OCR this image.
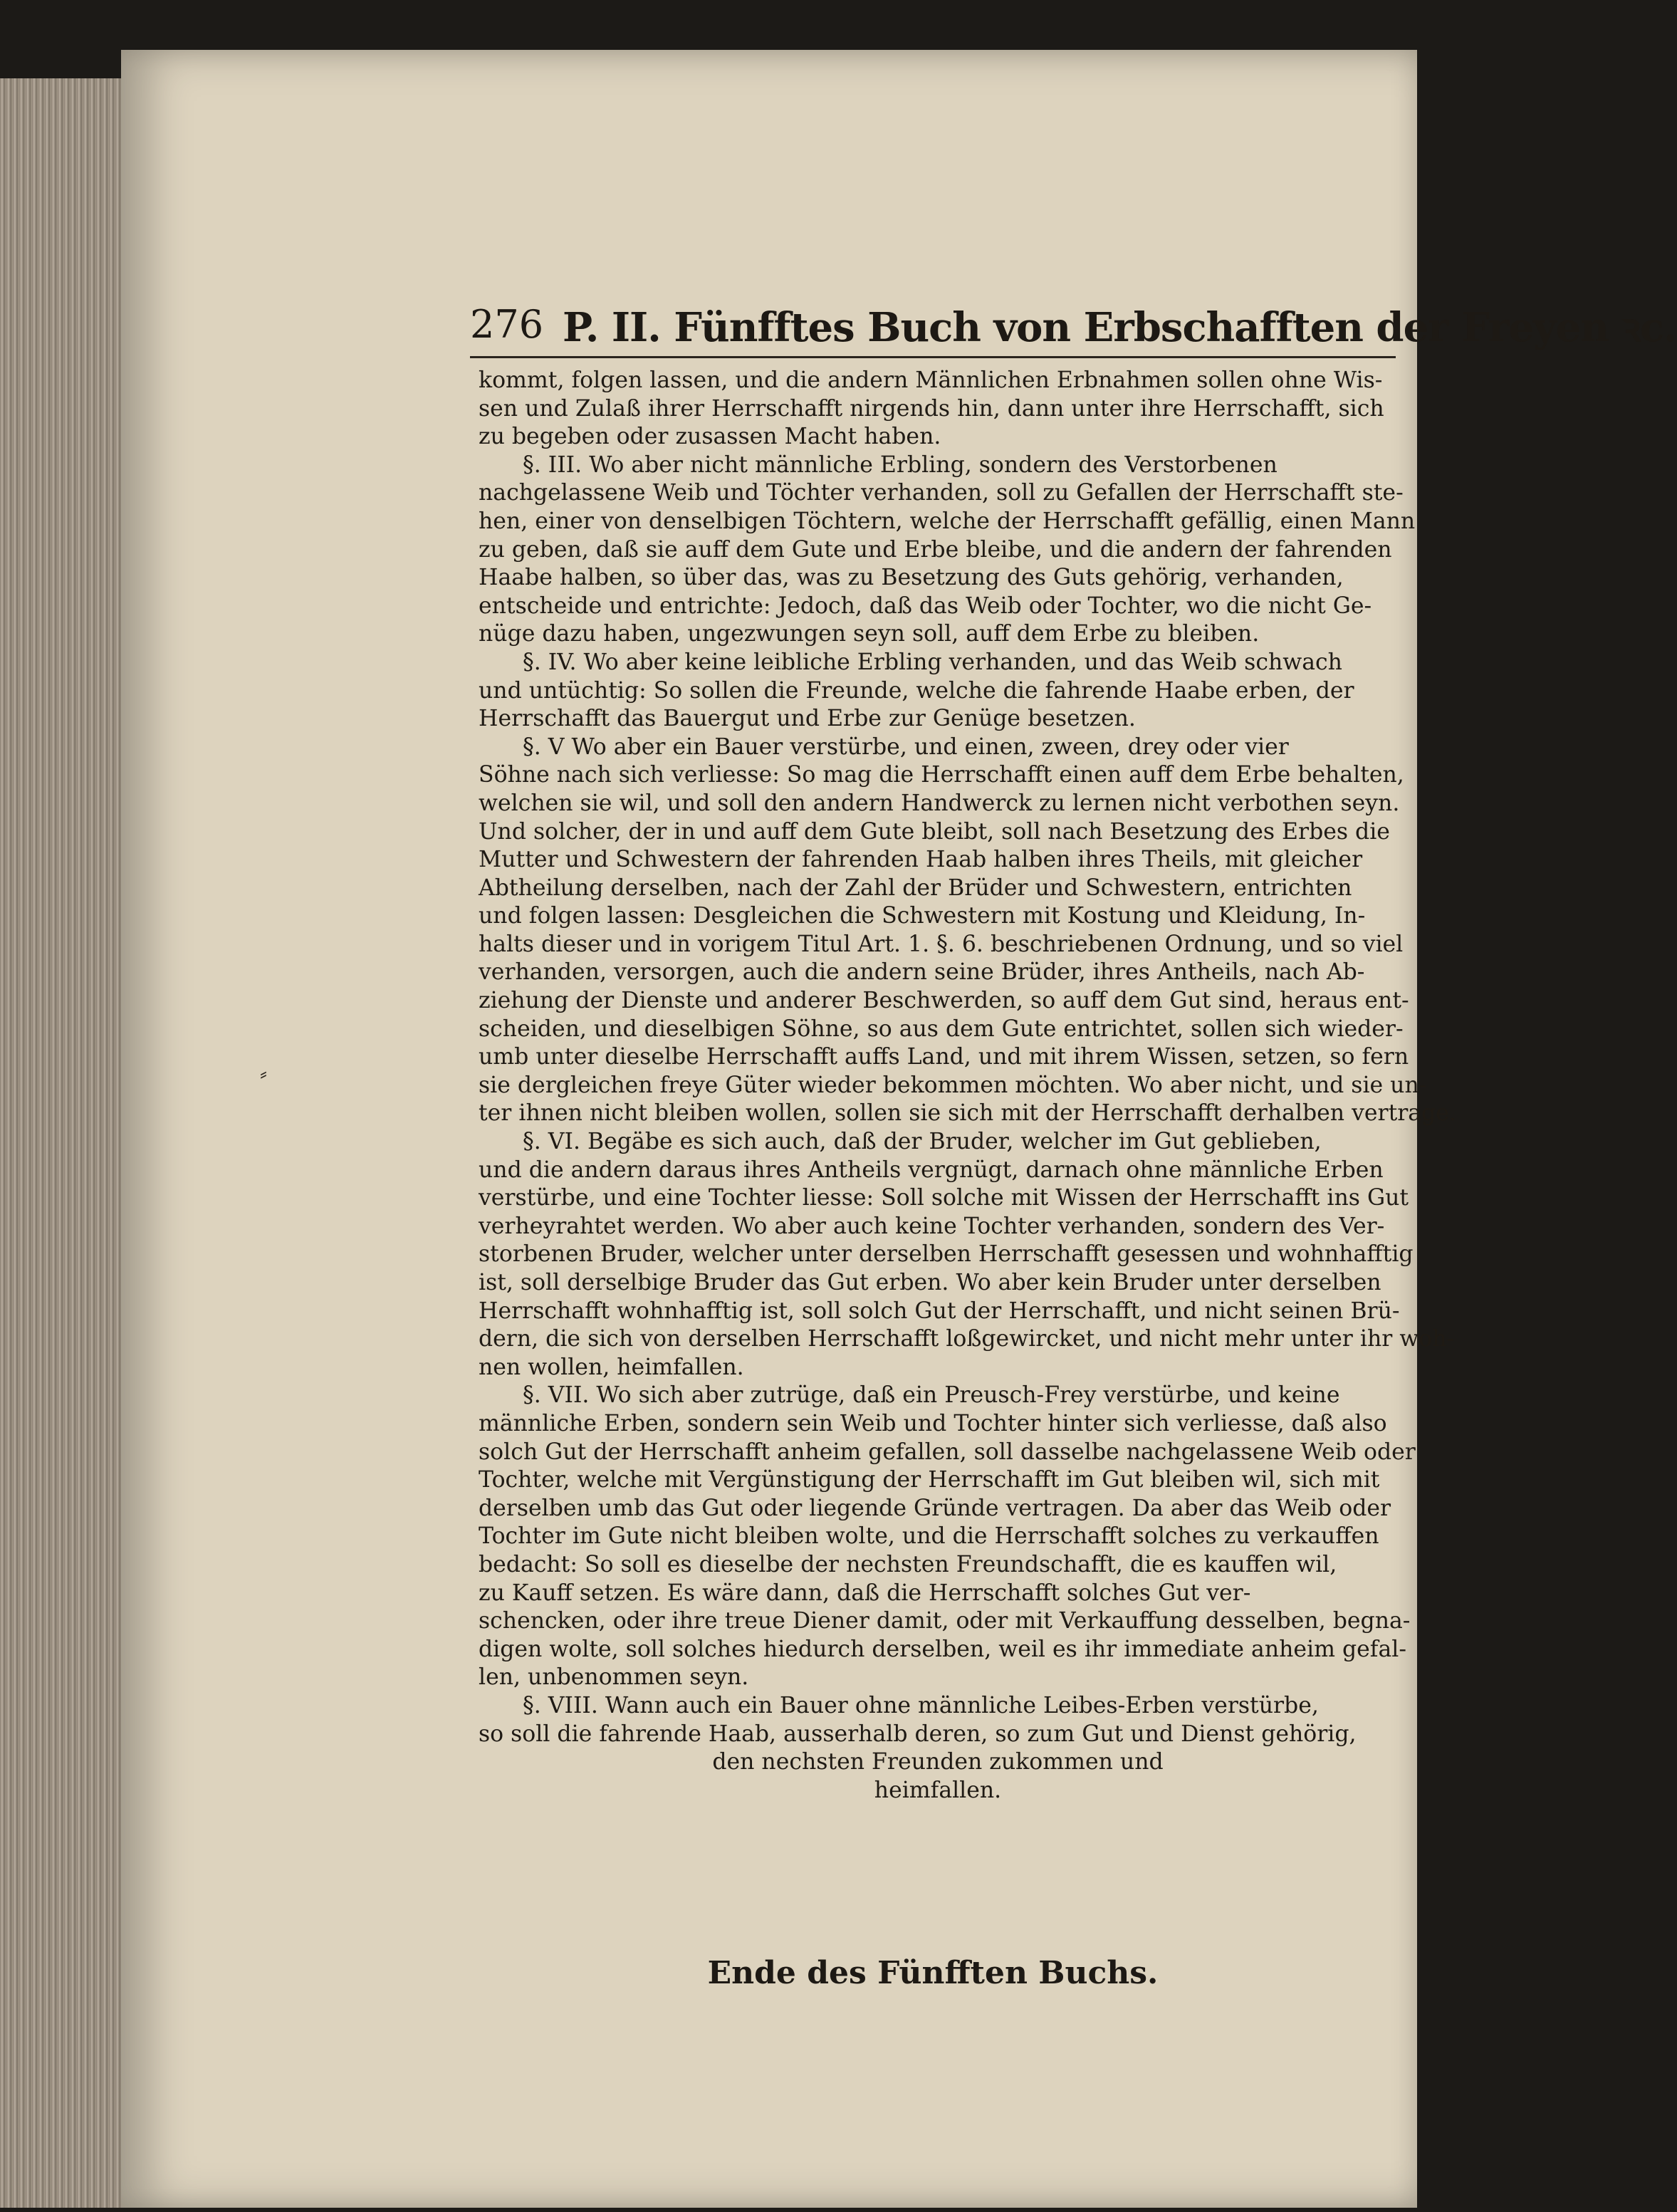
276 P. II. Fünfftes Buch von Erbschafften der Freyen ꝛc.
⸗
kommt, folgen lassen, und die andern Männlichen Erbnahmen sollen ohne Wis-
sen und Zulaß ihrer Herrschafft nirgends hin, dann unter ihre Herrschafft, sich
zu begeben oder zusassen Macht haben.
§. III. Wo aber nicht männliche Erbling, sondern des Verstorbenen
nachgelassene Weib und Töchter verhanden, soll zu Gefallen der Herrschafft ste-
hen, einer von denselbigen Töchtern, welche der Herrschafft gefällig, einen Mann
zu geben, daß sie auff dem Gute und Erbe bleibe, und die andern der fahrenden
Haabe halben, so über das, was zu Besetzung des Guts gehörig, verhanden,
entscheide und entrichte: Jedoch, daß das Weib oder Tochter, wo die nicht Ge-
nüge dazu haben, ungezwungen seyn soll, auff dem Erbe zu bleiben.
§. IV. Wo aber keine leibliche Erbling verhanden, und das Weib schwach
und untüchtig: So sollen die Freunde, welche die fahrende Haabe erben, der
Herrschafft das Bauergut und Erbe zur Genüge besetzen.
§. V Wo aber ein Bauer verstürbe, und einen, zween, drey oder vier
Söhne nach sich verliesse: So mag die Herrschafft einen auff dem Erbe behalten,
welchen sie wil, und soll den andern Handwerck zu lernen nicht verbothen seyn.
Und solcher, der in und auff dem Gute bleibt, soll nach Besetzung des Erbes die
Mutter und Schwestern der fahrenden Haab halben ihres Theils, mit gleicher
Abtheilung derselben, nach der Zahl der Brüder und Schwestern, entrichten
und folgen lassen: Desgleichen die Schwestern mit Kostung und Kleidung, In-
halts dieser und in vorigem Titul Art. 1. §. 6. beschriebenen Ordnung, und so viel
verhanden, versorgen, auch die andern seine Brüder, ihres Antheils, nach Ab-
ziehung der Dienste und anderer Beschwerden, so auff dem Gut sind, heraus ent-
scheiden, und dieselbigen Söhne, so aus dem Gute entrichtet, sollen sich wieder-
umb unter dieselbe Herrschafft auffs Land, und mit ihrem Wissen, setzen, so fern
sie dergleichen freye Güter wieder bekommen möchten. Wo aber nicht, und sie un-
ter ihnen nicht bleiben wollen, sollen sie sich mit der Herrschafft derhalben vertrage.
§. VI. Begäbe es sich auch, daß der Bruder, welcher im Gut geblieben,
und die andern daraus ihres Antheils vergnügt, darnach ohne männliche Erben
verstürbe, und eine Tochter liesse: Soll solche mit Wissen der Herrschafft ins Gut
verheyrahtet werden. Wo aber auch keine Tochter verhanden, sondern des Ver-
storbenen Bruder, welcher unter derselben Herrschafft gesessen und wohnhafftig
ist, soll derselbige Bruder das Gut erben. Wo aber kein Bruder unter derselben
Herrschafft wohnhafftig ist, soll solch Gut der Herrschafft, und nicht seinen Brü-
dern, die sich von derselben Herrschafft loßgewircket, und nicht mehr unter ihr woh-
nen wollen, heimfallen.
§. VII. Wo sich aber zutrüge, daß ein Preusch-Frey verstürbe, und keine
männliche Erben, sondern sein Weib und Tochter hinter sich verliesse, daß also
solch Gut der Herrschafft anheim gefallen, soll dasselbe nachgelassene Weib oder
Tochter, welche mit Vergünstigung der Herrschafft im Gut bleiben wil, sich mit
derselben umb das Gut oder liegende Gründe vertragen. Da aber das Weib oder
Tochter im Gute nicht bleiben wolte, und die Herrschafft solches zu verkauffen
bedacht: So soll es dieselbe der nechsten Freundschafft, die es kauffen wil,
zu Kauff setzen. Es wäre dann, daß die Herrschafft solches Gut ver-
schencken, oder ihre treue Diener damit, oder mit Verkauffung desselben, begna-
digen wolte, soll solches hiedurch derselben, weil es ihr immediate anheim gefal-
len, unbenommen seyn.
§. VIII. Wann auch ein Bauer ohne männliche Leibes-Erben verstürbe,
so soll die fahrende Haab, ausserhalb deren, so zum Gut und Dienst gehörig,
den nechsten Freunden zukommen und
heimfallen.
Ende des Fünfften Buchs.
